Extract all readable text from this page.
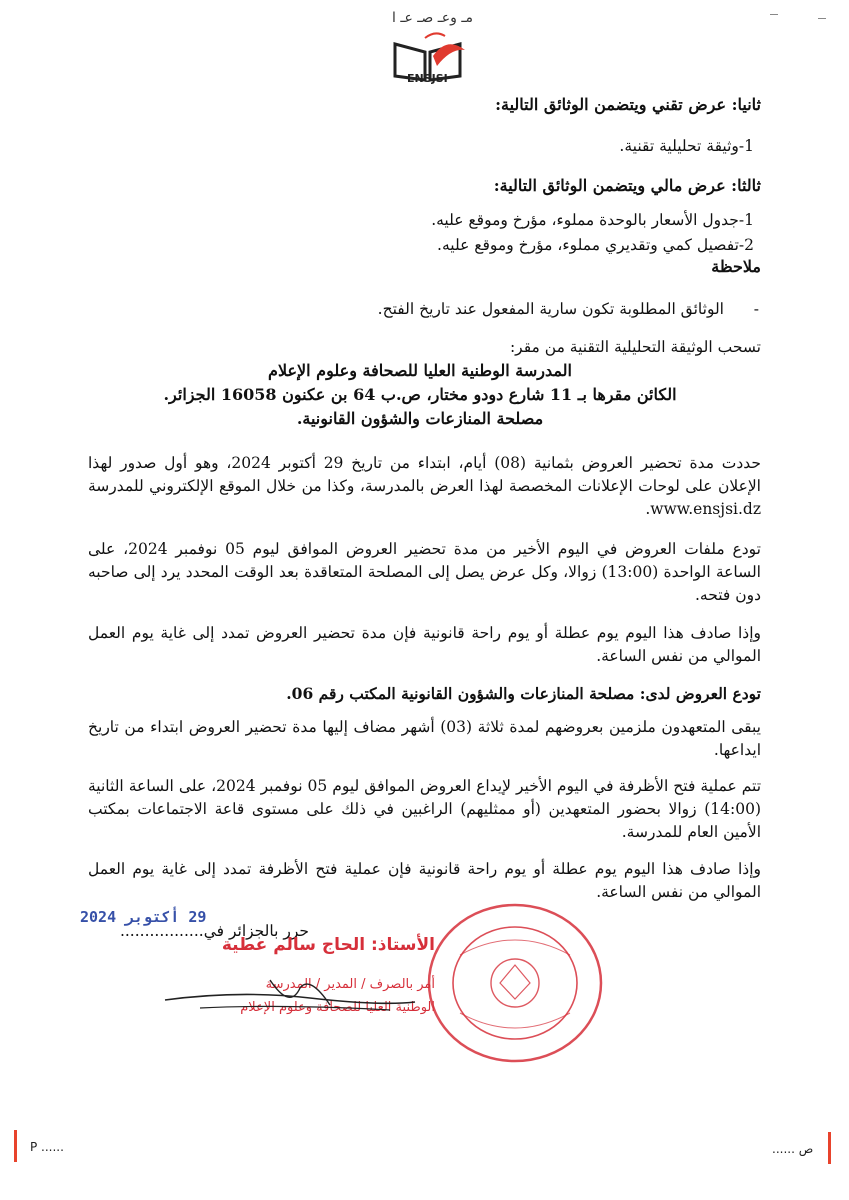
مـ وعـ صـ عـ ا
ENSJSI
ثانيا: عرض تقني ويتضمن الوثائق التالية:
1-وثيقة تحليلية تقنية.
ثالثا: عرض مالي ويتضمن الوثائق التالية:
1-جدول الأسعار بالوحدة مملوء، مؤرخ وموقع عليه.
2-تفصيل كمي وتقديري مملوء، مؤرخ وموقع عليه.
ملاحظة
-
الوثائق المطلوبة تكون سارية المفعول عند تاريخ الفتح.
تسحب الوثيقة التحليلية التقنية من مقر:
المدرسة الوطنية العليا للصحافة وعلوم الإعلام
الكائن مقرها بـ 11 شارع دودو مختار، ص.ب 64 بن عكنون 16058 الجزائر.
مصلحة المنازعات والشؤون القانونية.
حددت مدة تحضير العروض بثمانية (08) أيام، ابتداء من تاريخ 29 أكتوبر 2024، وهو أول صدور لهذا الإعلان على لوحات الإعلانات المخصصة لهذا العرض بالمدرسة، وكذا من خلال الموقع الإلكتروني للمدرسة www.ensjsi.dz.
تودع ملفات العروض في اليوم الأخير من مدة تحضير العروض الموافق ليوم 05 نوفمبر 2024، على الساعة الواحدة (13:00) زوالا، وكل عرض يصل إلى المصلحة المتعاقدة بعد الوقت المحدد يرد إلى صاحبه دون فتحه.
وإذا صادف هذا اليوم يوم عطلة أو يوم راحة قانونية فإن مدة تحضير العروض تمدد إلى غاية يوم العمل الموالي من نفس الساعة.
تودع العروض لدى: مصلحة المنازعات والشؤون القانونية المكتب رقم 06.
يبقى المتعهدون ملزمين بعروضهم لمدة ثلاثة (03) أشهر مضاف إليها مدة تحضير العروض ابتداء من تاريخ ايداعها.
تتم عملية فتح الأظرفة في اليوم الأخير لإيداع العروض الموافق ليوم 05 نوفمبر 2024، على الساعة الثانية (14:00) زوالا بحضور المتعهدين (أو ممثليهم) الراغبين في ذلك على مستوى قاعة الاجتماعات بمكتب الأمين العام للمدرسة.
وإذا صادف هذا اليوم يوم عطلة أو يوم راحة قانونية فإن عملية فتح الأظرفة تمدد إلى غاية يوم العمل الموالي من نفس الساعة.
حرر بالجزائر في.................
29 أكتوبر 2024
الأستاذ: الحاج سالم عطية
أمر بالصرف / المدير / المدرسة
الوطنية العليا للصحافة وعلوم الإعلام
P ......	ص ......
